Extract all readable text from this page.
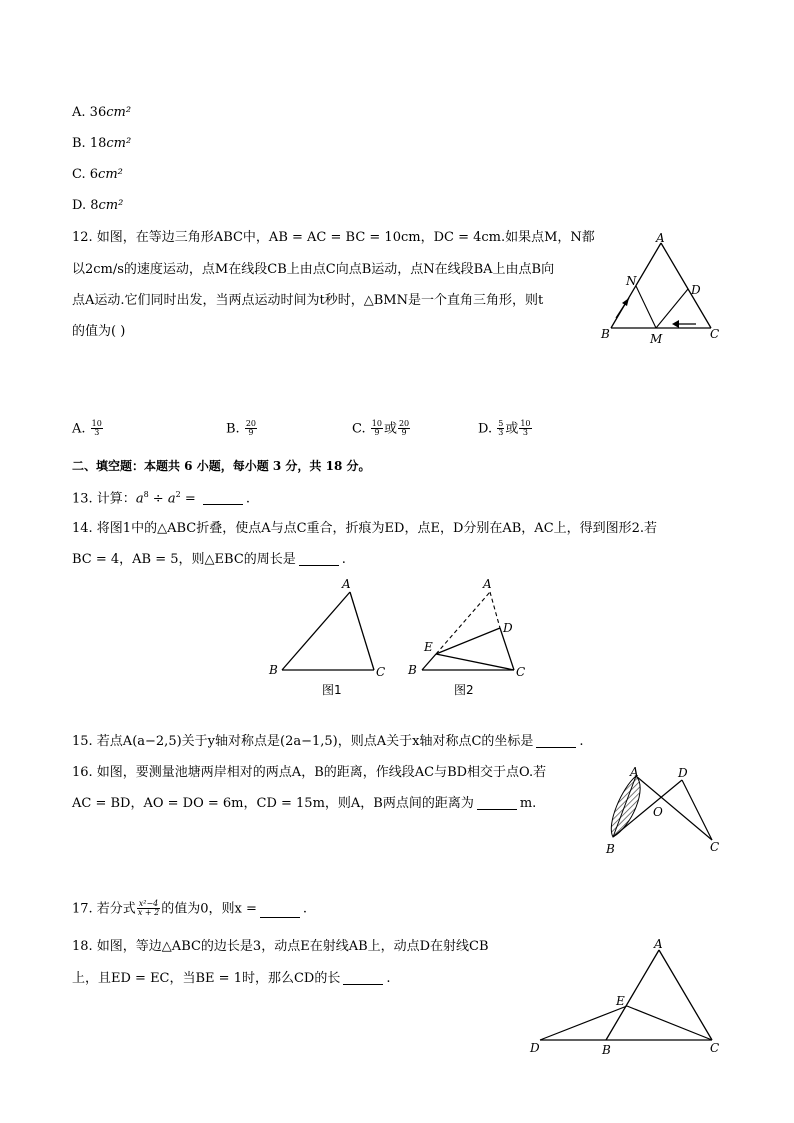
A. 36cm²
B. 18cm²
C. 6cm²
D. 8cm²
12. 如图，在等边三角形ABC中，AB = AC = BC = 10cm，DC = 4cm.如果点M，N都
以2cm/s的速度运动，点M在线段CB上由点C向点B运动，点N在线段BA上由点B向
点A运动.它们同时出发，当两点运动时间为t秒时，△BMN是一个直角三角形，则t
的值为( )
A
N
D
B	M	C
A. $\frac{10}{3}$	B. $\frac{20}{9}$	C. $\frac{10}{9}$ 或 $\frac{20}{9}$	D. $\frac{5}{3}$ 或 $\frac{10}{3}$
二、填空题：本题共 6 小题，每小题 3 分，共 18 分。
13. 计算：$a^8 \div a^2$ =	.
14. 将图1中的△ABC折叠，使点A与点C重合，折痕为ED，点E，D分别在AB，AC上，得到图形2.若
BC = 4，AB = 5，则△EBC的周长是	.
A
B	C
图1
A
D
E
B	C
图2
15. 若点A(a−2,5)关于y轴对称点是(2a−1,5)，则点A关于x轴对称点C的坐标是	.
16. 如图，要测量池塘两岸相对的两点A，B的距离，作线段AC与BD相交于点O.若
AC = BD，AO = DO = 6m，CD = 15m，则A，B两点间的距离为	m.
A	D
O
B	C
17. 若分式 $\frac{\text{x²−4}}{x + 2}$ 的值为0，则x =	.
18. 如图，等边△ABC的边长是3，动点E在射线AB上，动点D在射线CB
上，且ED = EC，当BE = 1时，那么CD的长	.
A
E
D	B	C
